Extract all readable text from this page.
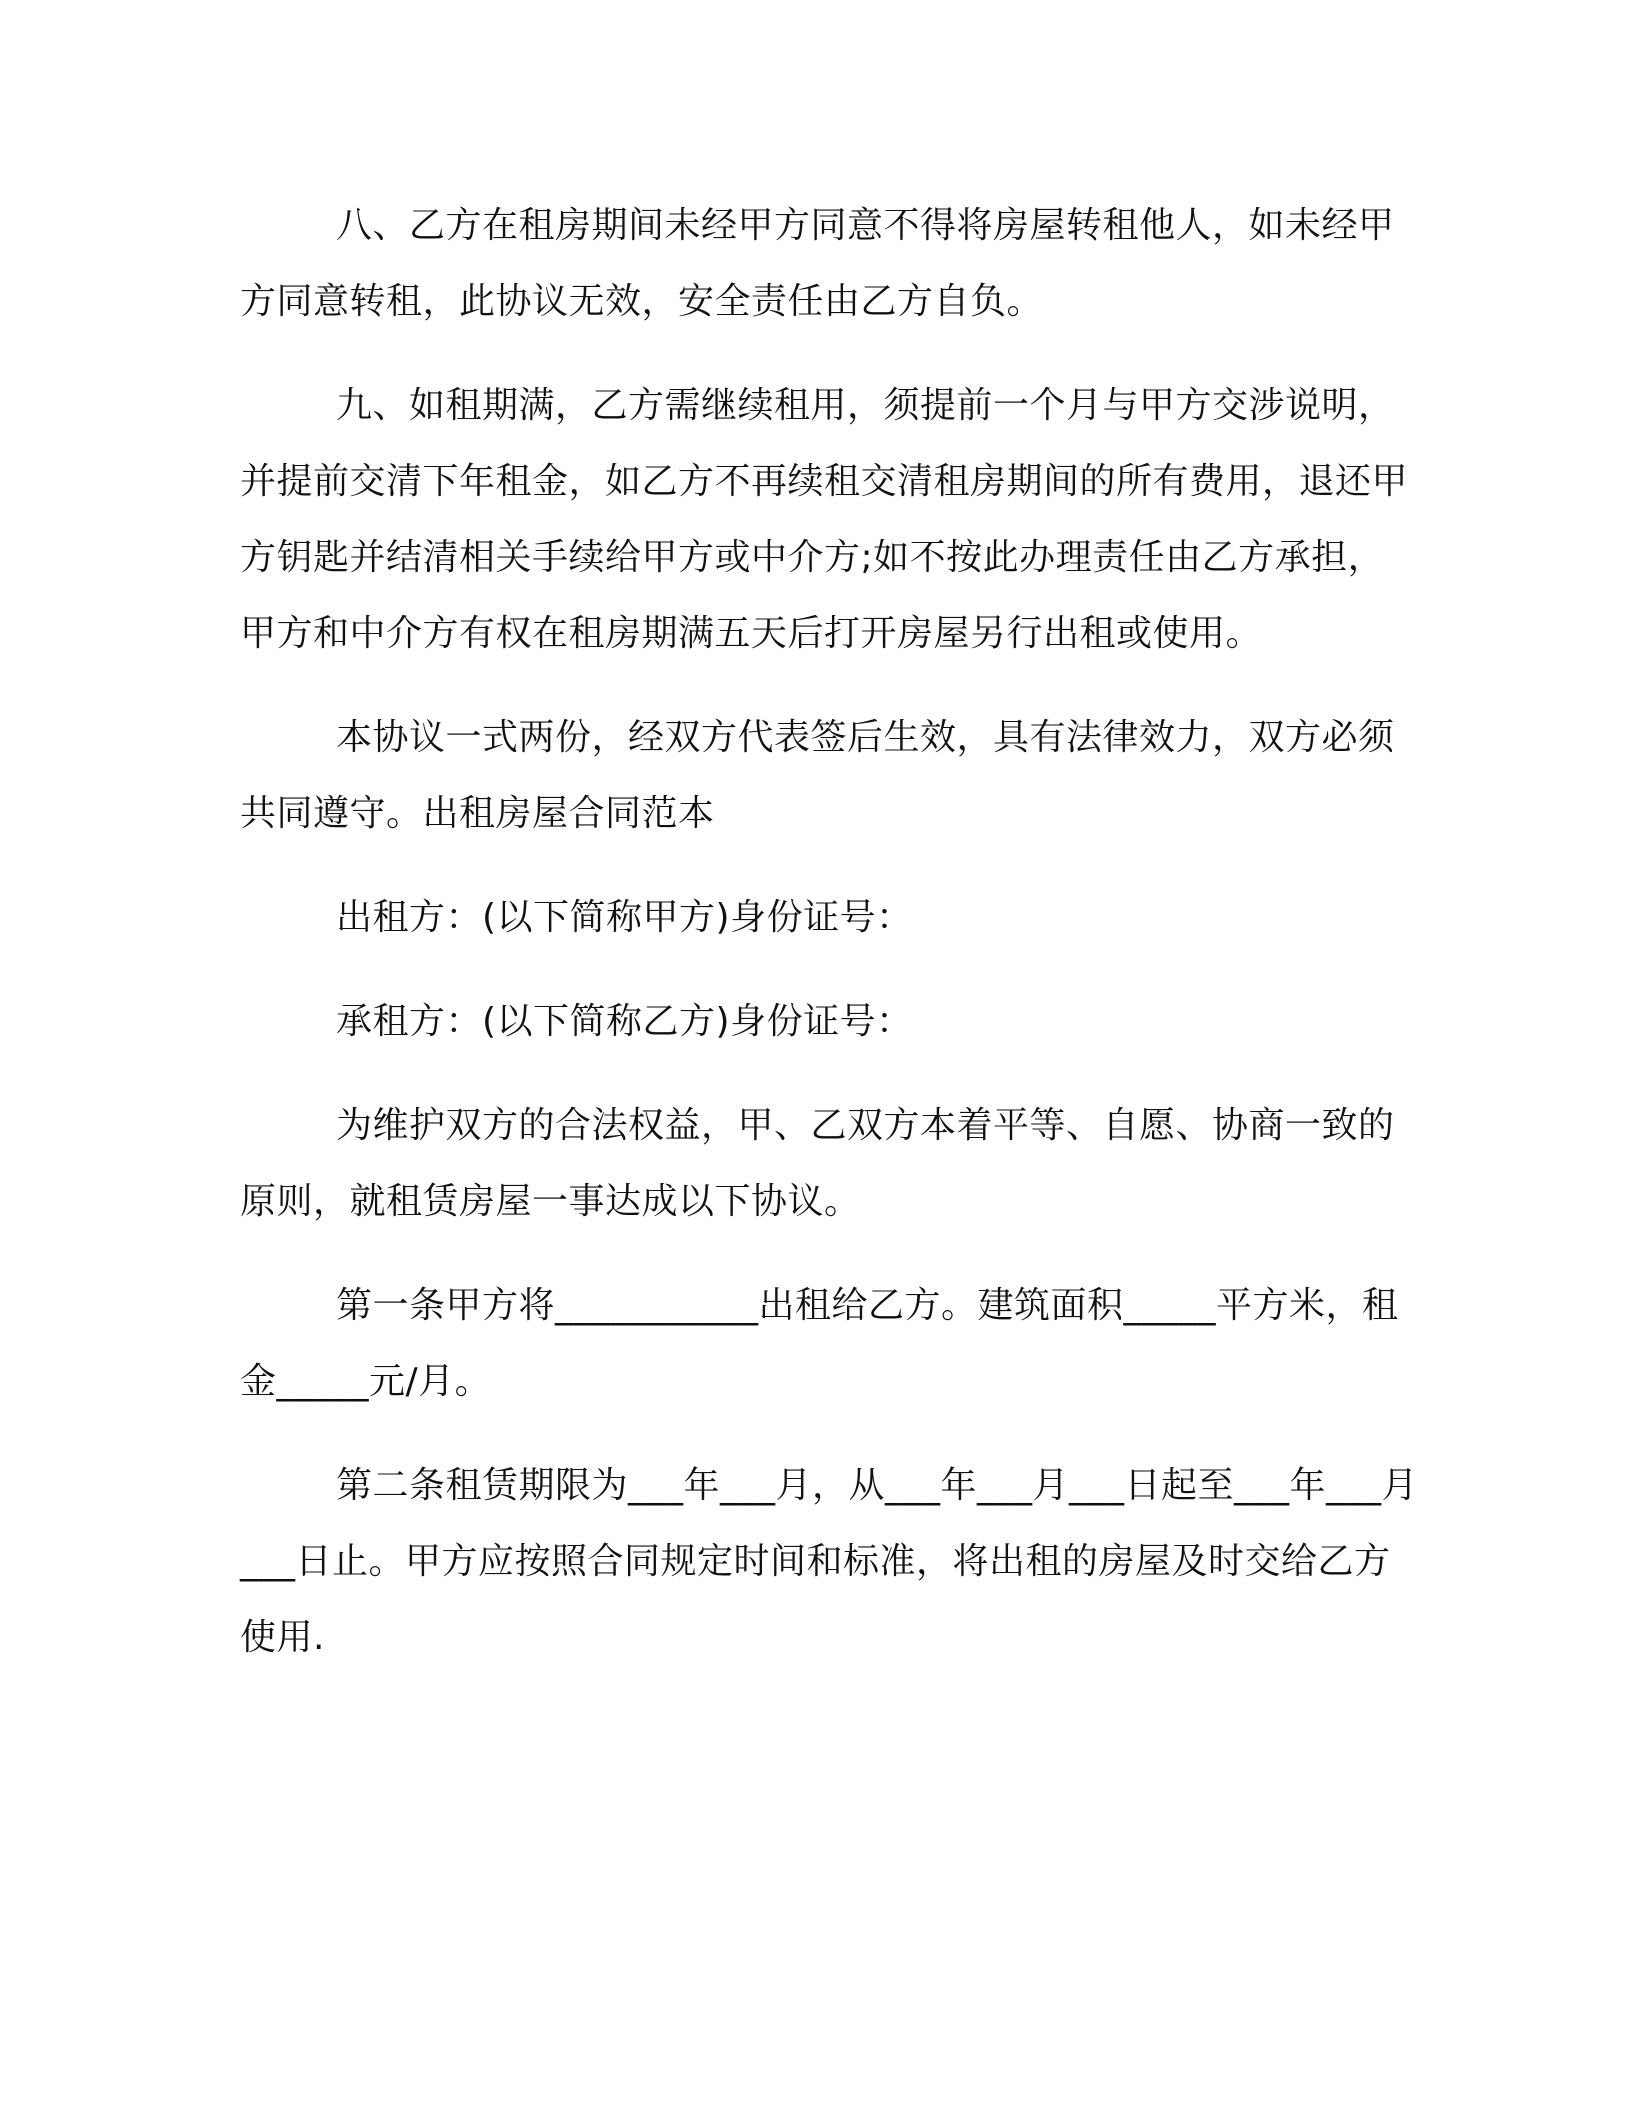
八、乙方在租房期间未经甲方同意不得将房屋转租他人，如未经甲方同意转租，此协议无效，安全责任由乙方自负。

九、如租期满，乙方需继续租用，须提前一个月与甲方交涉说明，并提前交清下年租金，如乙方不再续租交清租房期间的所有费用，退还甲方钥匙并结清相关手续给甲方或中介方;如不按此办理责任由乙方承担，甲方和中介方有权在租房期满五天后打开房屋另行出租或使用。

本协议一式两份，经双方代表签后生效，具有法律效力，双方必须共同遵守。出租房屋合同范本

出租方：(以下简称甲方)身份证号：

承租方：(以下简称乙方)身份证号：

为维护双方的合法权益，甲、乙双方本着平等、自愿、协商一致的原则，就租赁房屋一事达成以下协议。

第一条甲方将___________出租给乙方。建筑面积_____平方米，租金_____元/月。

第二条租赁期限为___年___月，从___年___月___日起至___年___月___日止。甲方应按照合同规定时间和标准，将出租的房屋及时交给乙方使用.
